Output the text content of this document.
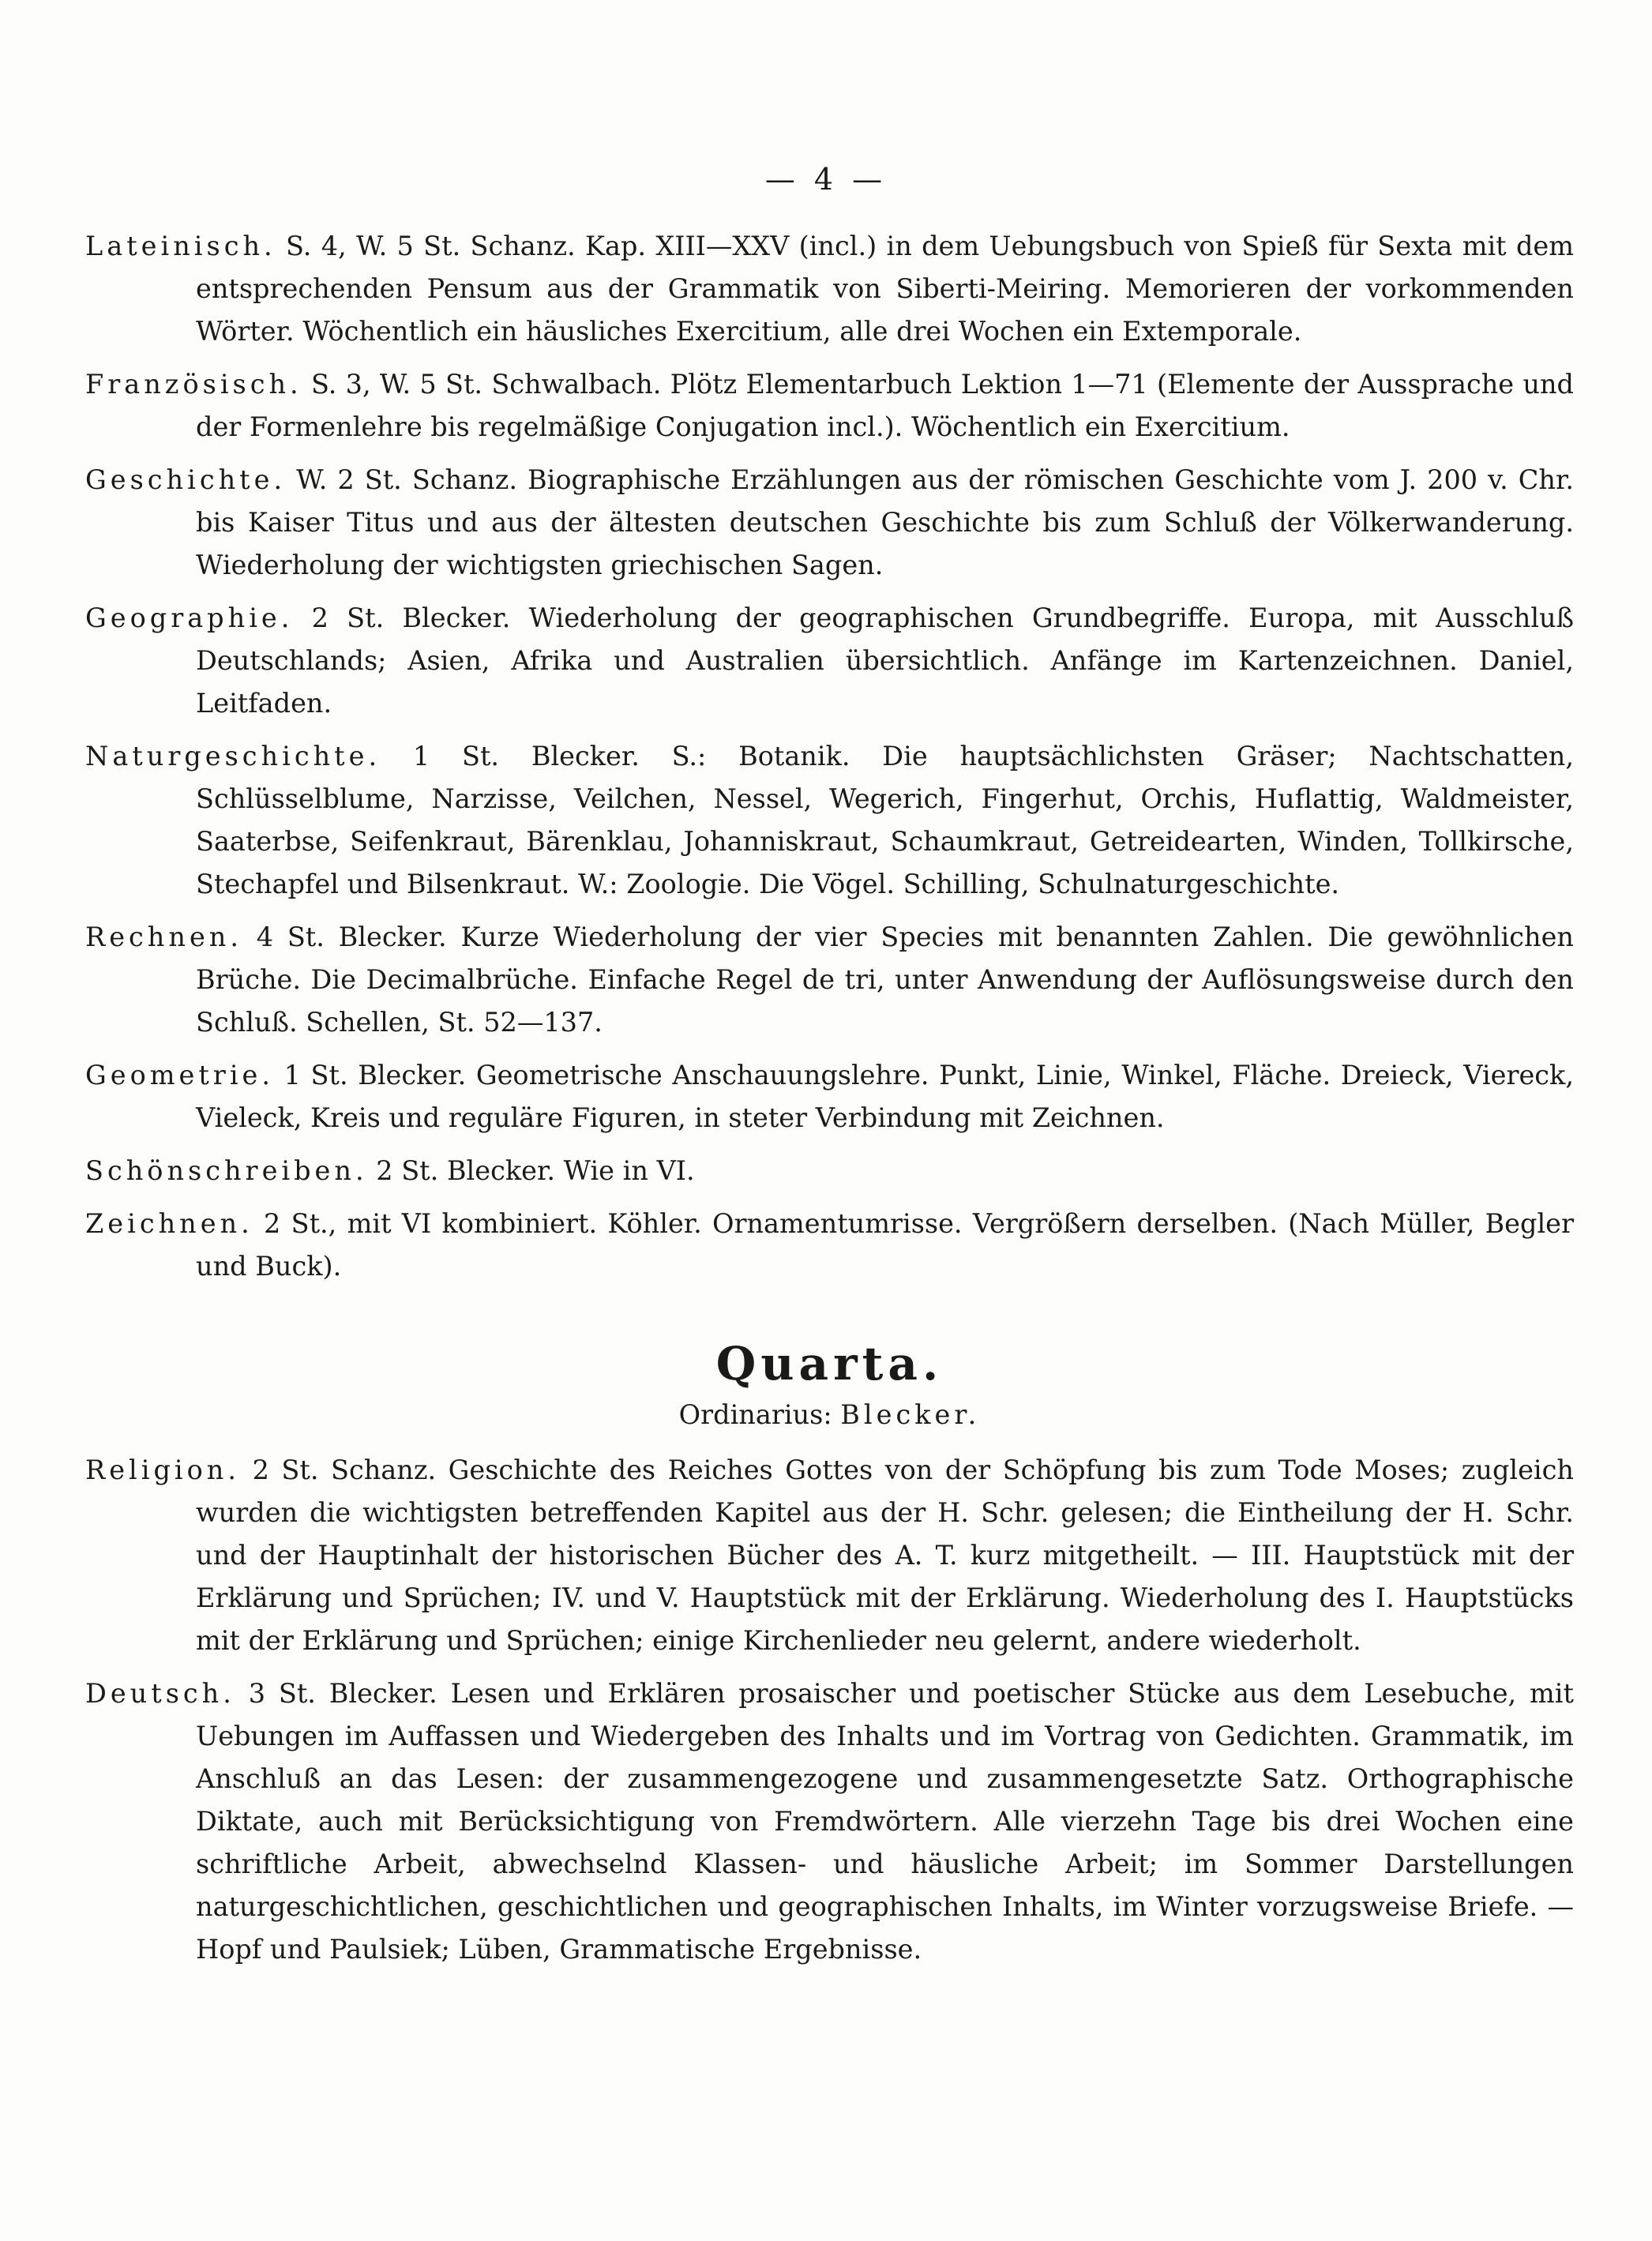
— 4 —

Lateinisch. S. 4, W. 5 St. Schanz. Kap. XIII—XXV (incl.) in dem Uebungsbuch von Spieß für Sexta mit dem entsprechenden Pensum aus der Grammatik von Siberti-Meiring. Memorieren der vorkommenden Wörter. Wöchentlich ein häusliches Exercitium, alle drei Wochen ein Extemporale.

Französisch. S. 3, W. 5 St. Schwalbach. Plötz Elementarbuch Lektion 1—71 (Elemente der Aussprache und der Formenlehre bis regelmäßige Conjugation incl.). Wöchentlich ein Exercitium.

Geschichte. W. 2 St. Schanz. Biographische Erzählungen aus der römischen Geschichte vom J. 200 v. Chr. bis Kaiser Titus und aus der ältesten deutschen Geschichte bis zum Schluß der Völkerwanderung. Wiederholung der wichtigsten griechischen Sagen.

Geographie. 2 St. Blecker. Wiederholung der geographischen Grundbegriffe. Europa, mit Ausschluß Deutschlands; Asien, Afrika und Australien übersichtlich. Anfänge im Kartenzeichnen. Daniel, Leitfaden.

Naturgeschichte. 1 St. Blecker. S.: Botanik. Die hauptsächlichsten Gräser; Nachtschatten, Schlüsselblume, Narzisse, Veilchen, Nessel, Wegerich, Fingerhut, Orchis, Huflattig, Waldmeister, Saaterbse, Seifenkraut, Bärenklau, Johanniskraut, Schaumkraut, Getreidearten, Winden, Tollkirsche, Stechapfel und Bilsenkraut. W.: Zoologie. Die Vögel. Schilling, Schulnaturgeschichte.

Rechnen. 4 St. Blecker. Kurze Wiederholung der vier Species mit benannten Zahlen. Die gewöhnlichen Brüche. Die Decimalbrüche. Einfache Regel de tri, unter Anwendung der Auflösungsweise durch den Schluß. Schellen, St. 52—137.

Geometrie. 1 St. Blecker. Geometrische Anschauungslehre. Punkt, Linie, Winkel, Fläche. Dreieck, Viereck, Vieleck, Kreis und reguläre Figuren, in steter Verbindung mit Zeichnen.

Schönschreiben. 2 St. Blecker. Wie in VI.

Zeichnen. 2 St., mit VI kombiniert. Köhler. Ornamentumrisse. Vergrößern derselben. (Nach Müller, Begler und Buck).

Quarta.
Ordinarius: Blecker.

Religion. 2 St. Schanz. Geschichte des Reiches Gottes von der Schöpfung bis zum Tode Moses; zugleich wurden die wichtigsten betreffenden Kapitel aus der H. Schr. gelesen; die Eintheilung der H. Schr. und der Hauptinhalt der historischen Bücher des A. T. kurz mitgetheilt. — III. Hauptstück mit der Erklärung und Sprüchen; IV. und V. Hauptstück mit der Erklärung. Wiederholung des I. Hauptstücks mit der Erklärung und Sprüchen; einige Kirchenlieder neu gelernt, andere wiederholt.

Deutsch. 3 St. Blecker. Lesen und Erklären prosaischer und poetischer Stücke aus dem Lesebuche, mit Uebungen im Auffassen und Wiedergeben des Inhalts und im Vortrag von Gedichten. Grammatik, im Anschluß an das Lesen: der zusammengezogene und zusammengesetzte Satz. Orthographische Diktate, auch mit Berücksichtigung von Fremdwörtern. Alle vierzehn Tage bis drei Wochen eine schriftliche Arbeit, abwechselnd Klassen- und häusliche Arbeit; im Sommer Darstellungen naturgeschichtlichen, geschichtlichen und geographischen Inhalts, im Winter vorzugsweise Briefe. — Hopf und Paulsiek; Lüben, Grammatische Ergebnisse.
